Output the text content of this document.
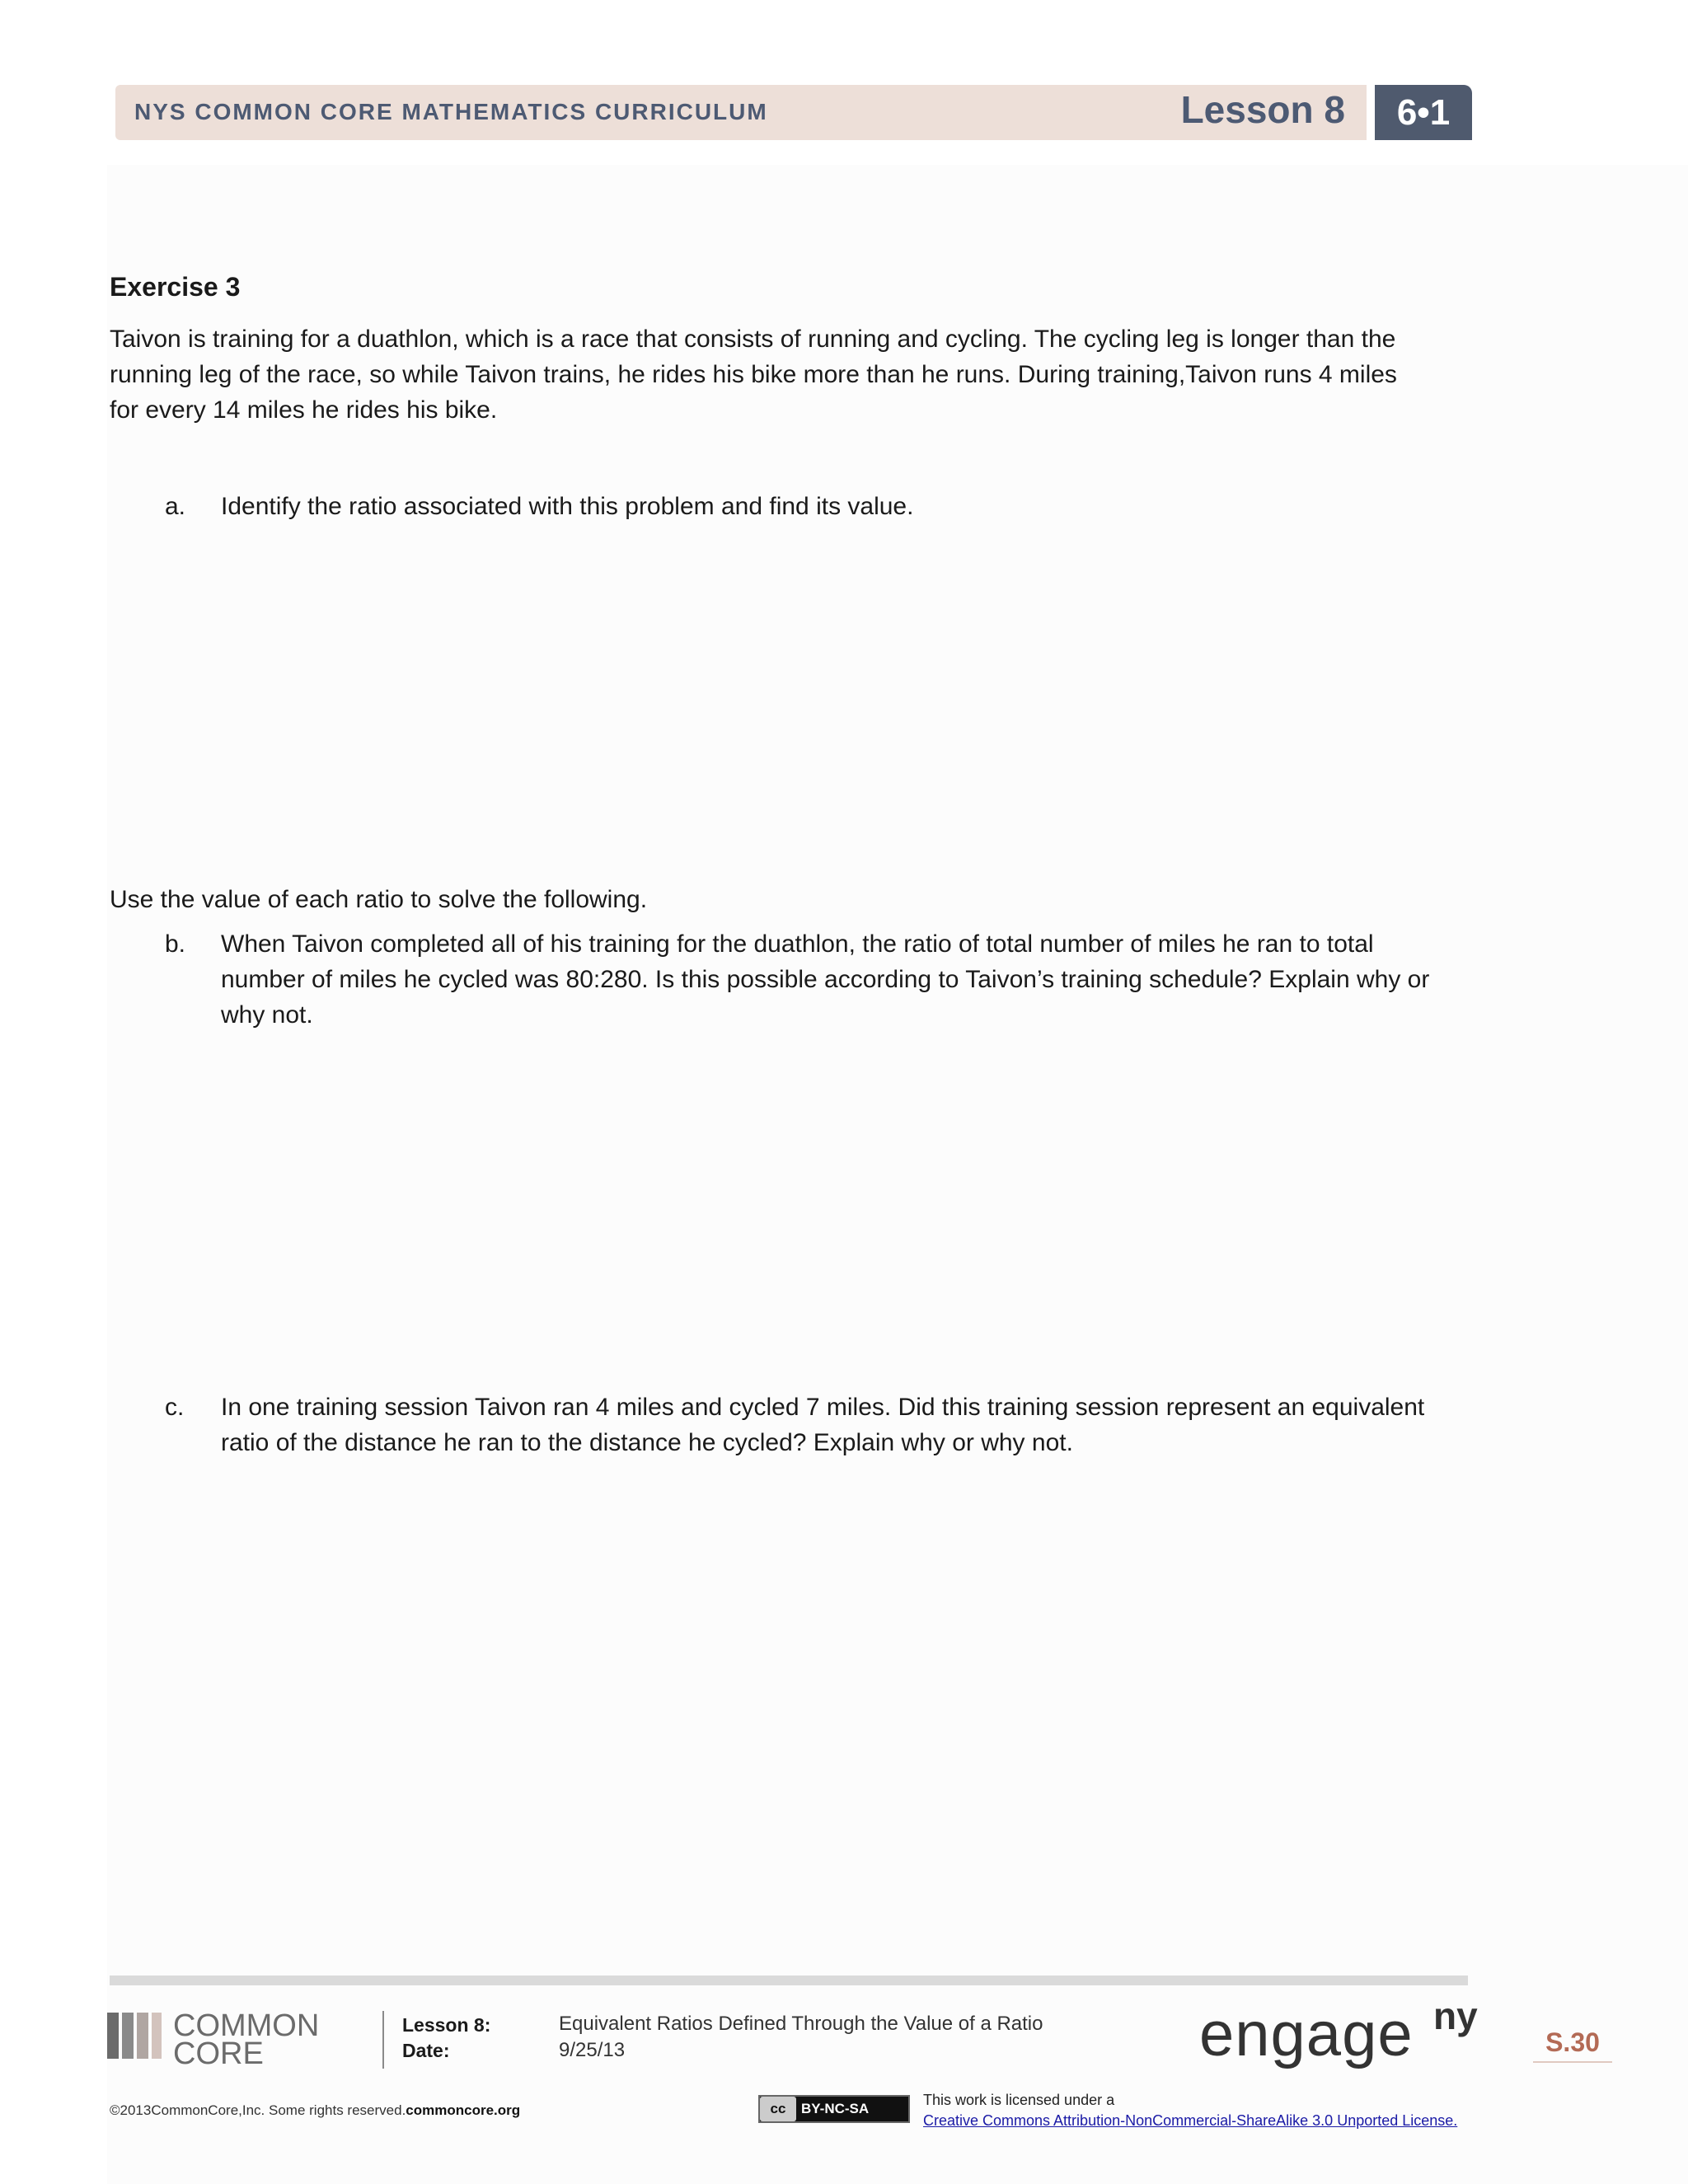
NYS COMMON CORE MATHEMATICS CURRICULUM	Lesson 8	6•1
Exercise 3
Taivon is training for a duathlon, which is a race that consists of running and cycling. The cycling leg is longer than the
running leg of the race, so while Taivon trains, he rides his bike more than he runs. During training,Taivon runs 4 miles
for every 14 miles he rides his bike.
a. Identify the ratio associated with this problem and find its value.
Use the value of each ratio to solve the following.
b. When Taivon completed all of his training for the duathlon, the ratio of total number of miles he ran to total
number of miles he cycled was 80:280. Is this possible according to Taivon’s training schedule? Explain why or
why not.
c. In one training session Taivon ran 4 miles and cycled 7 miles. Did this training session represent an equivalent
ratio of the distance he ran to the distance he cycled? Explain why or why not.
COMMON
CORE
Lesson 8:	Equivalent Ratios Defined Through the Value of a Ratio
Date:	9/25/13	engage ny
S.30
©2013CommonCore,Inc. Some rights reserved.commoncore.org	cc BY-NC-SA
This work is licensed under a
Creative Commons Attribution-NonCommercial-ShareAlike 3.0 Unported License.
